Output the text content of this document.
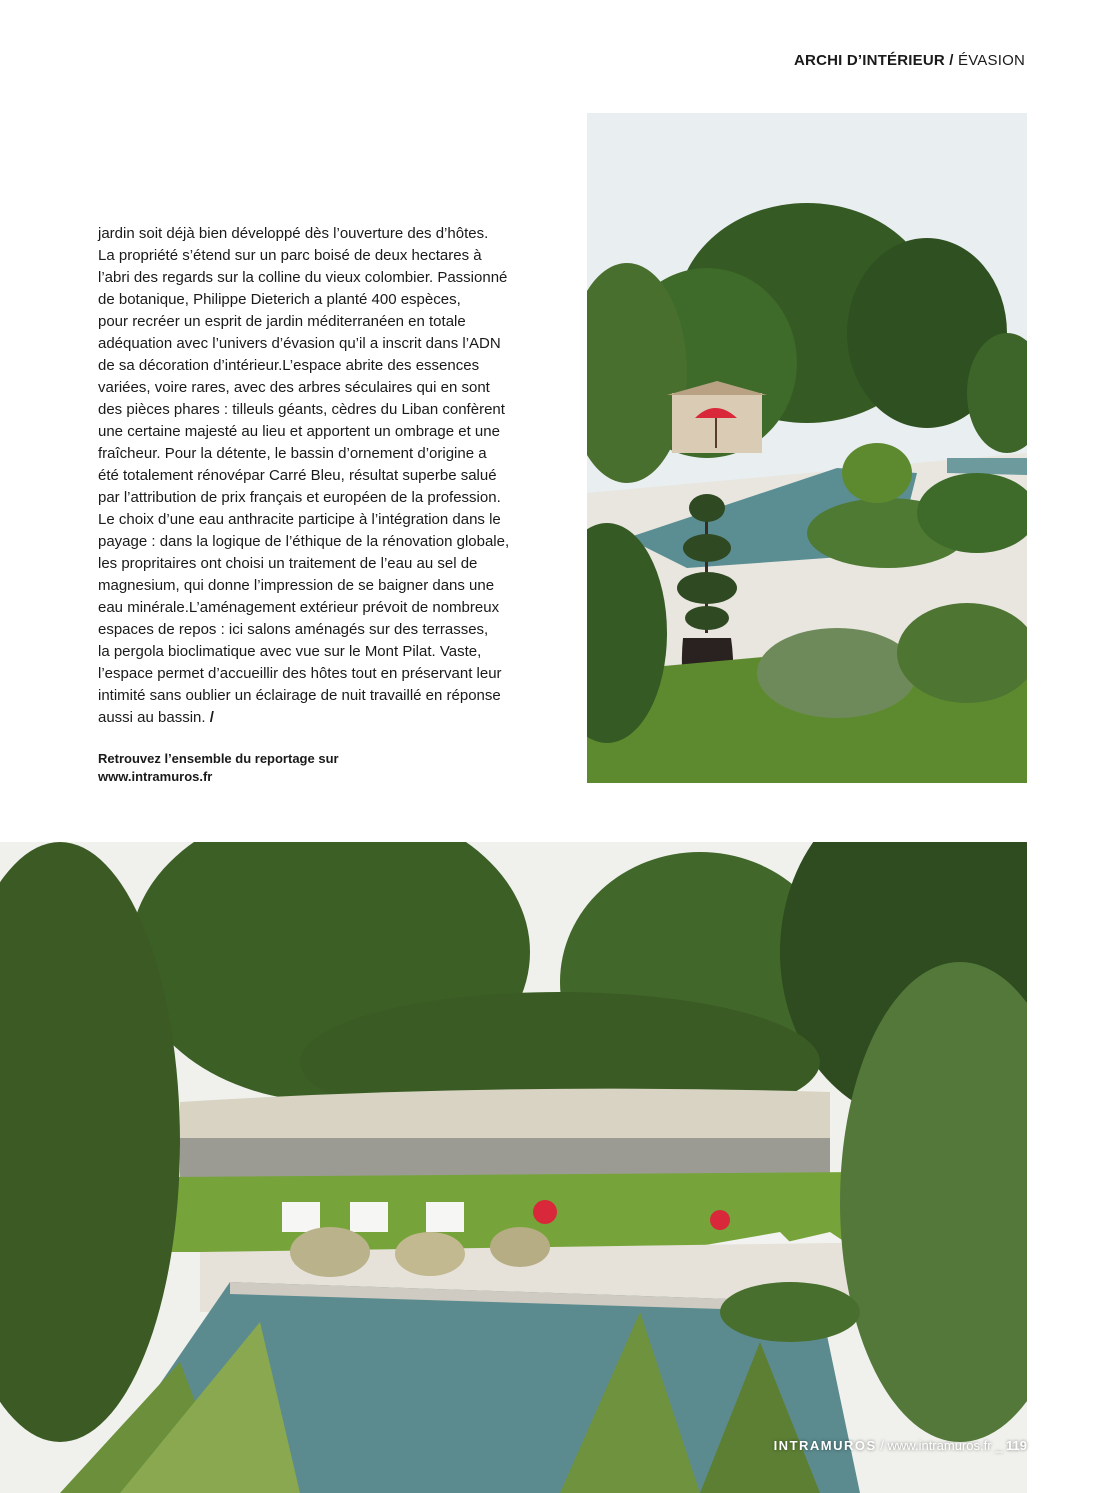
ARCHI D’INTÉRIEUR / ÉVASION
jardin soit déjà bien développé dès l’ouverture des d’hôtes.
La propriété s’étend sur un parc boisé de deux hectares à
l’abri des regards sur la colline du vieux colombier. Passionné
de botanique, Philippe Dieterich a planté 400 espèces,
pour recréer un esprit de jardin méditerranéen en totale
adéquation avec l’univers d’évasion qu’il a inscrit dans l’ADN
de sa décoration d’intérieur.L’espace abrite des essences
variées, voire rares, avec des arbres séculaires qui en sont
des pièces phares : tilleuls géants, cèdres du Liban confèrent
une certaine majesté au lieu et apportent un ombrage et une
fraîcheur. Pour la détente, le bassin d’ornement d’origine a
été totalement rénovépar Carré Bleu, résultat superbe salué
par l’attribution de prix français et européen de la profession.
Le choix d’une eau anthracite participe à l’intégration dans le
payage : dans la logique de l’éthique de la rénovation globale,
les propritaires ont choisi un traitement de l’eau au sel de
magnesium, qui donne l’impression de se baigner dans une
eau minérale.L’aménagement extérieur prévoit de nombreux
espaces de repos : ici salons aménagés sur des terrasses,
la pergola bioclimatique avec vue sur le Mont Pilat. Vaste,
l’espace permet d’accueillir des hôtes tout en préservant leur
intimité sans oublier un éclairage de nuit travaillé en réponse
aussi au bassin. /
Retrouvez l’ensemble du reportage sur
www.intramuros.fr
INTRAMUROS / www.intramuros.fr _ 119
